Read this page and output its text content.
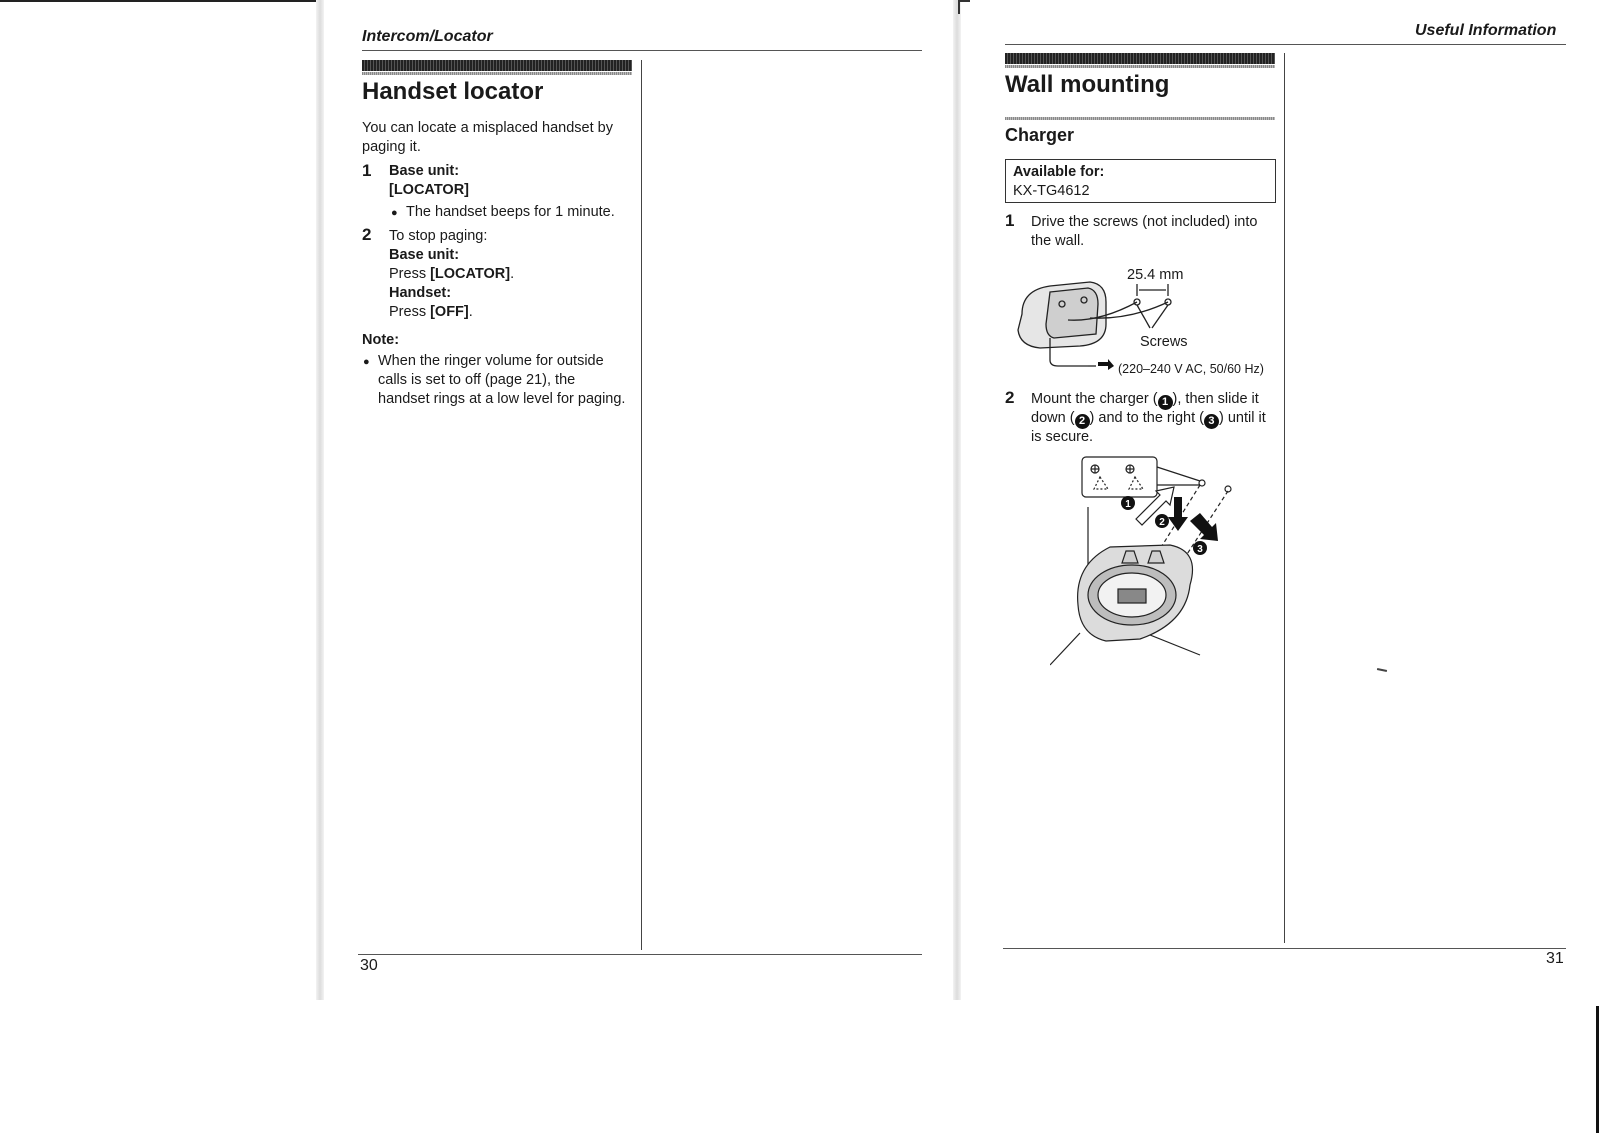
Intercom/Locator
Handset locator
You can locate a misplaced handset by paging it.
1 Base unit:
[LOCATOR]
● The handset beeps for 1 minute.
2 To stop paging:
Base unit:
Press [LOCATOR].
Handset:
Press [OFF].
Note:
● When the ringer volume for outside
calls is set to off (page 21), the
handset rings at a low level for paging.
30
Useful Information
Wall mounting
Charger
Available for:
KX-TG4612
1 Drive the screws (not included) into
the wall.
25.4 mm
Screws
(220–240 V AC, 50/60 Hz)
2 Mount the charger ( 1 ), then slide it
down ( 2 ) and to the right ( 3 ) until it
is secure.
1
2
3
31
